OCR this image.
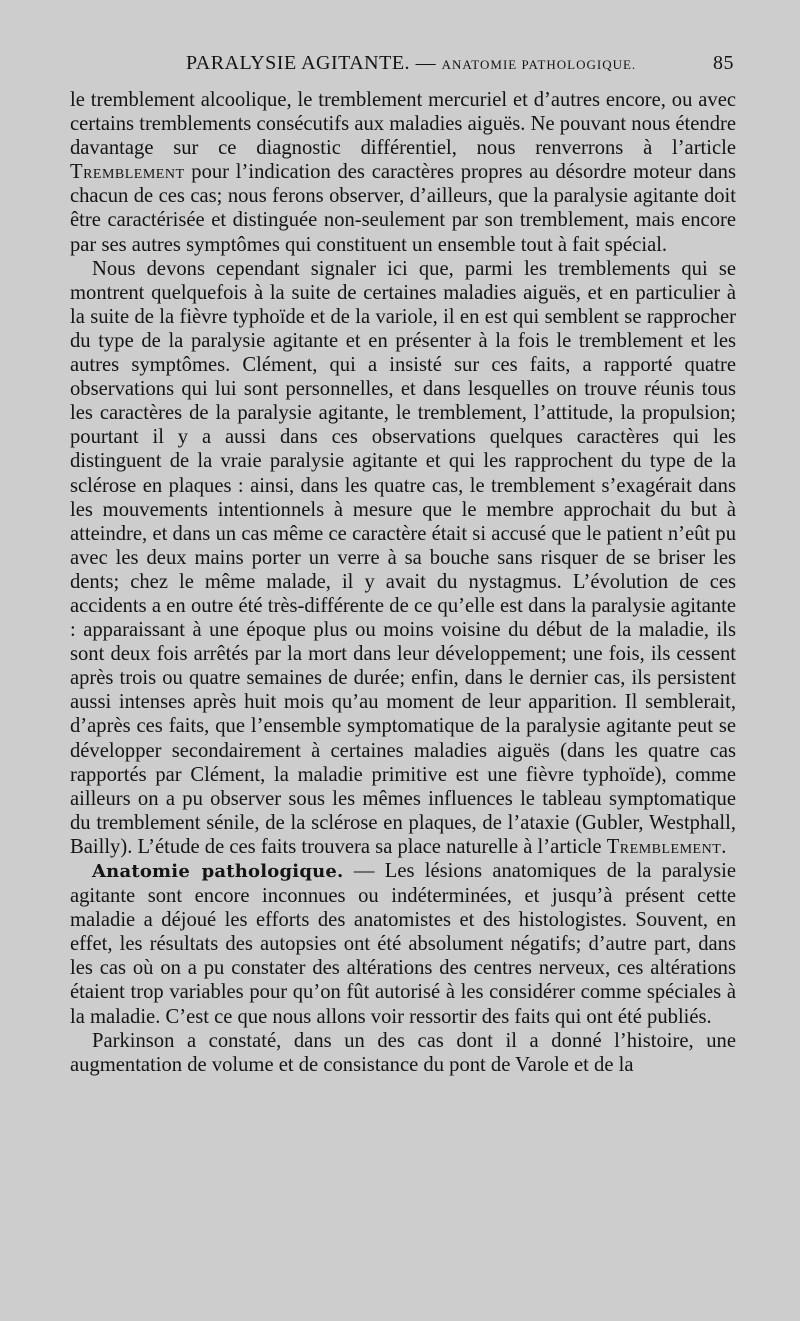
PARALYSIE AGITANTE. — ANATOMIE PATHOLOGIQUE.	85

le tremblement alcoolique, le tremblement mercuriel et d’autres encore, ou avec certains tremblements consécutifs aux maladies aiguës. Ne pouvant nous étendre davantage sur ce diagnostic différentiel, nous renverrons à l’article Tremblement pour l’indication des caractères propres au désordre moteur dans chacun de ces cas; nous ferons observer, d’ailleurs, que la paralysie agitante doit être caractérisée et distinguée non-seulement par son tremblement, mais encore par ses autres symptômes qui constituent un ensemble tout à fait spécial.

Nous devons cependant signaler ici que, parmi les tremblements qui se montrent quelquefois à la suite de certaines maladies aiguës, et en particulier à la suite de la fièvre typhoïde et de la variole, il en est qui semblent se rapprocher du type de la paralysie agitante et en présenter à la fois le tremblement et les autres symptômes. Clément, qui a insisté sur ces faits, a rapporté quatre observations qui lui sont personnelles, et dans lesquelles on trouve réunis tous les caractères de la paralysie agitante, le tremblement, l’attitude, la propulsion; pourtant il y a aussi dans ces observations quelques caractères qui les distinguent de la vraie paralysie agitante et qui les rapprochent du type de la sclérose en plaques : ainsi, dans les quatre cas, le tremblement s’exagérait dans les mouvements intentionnels à mesure que le membre approchait du but à atteindre, et dans un cas même ce caractère était si accusé que le patient n’eût pu avec les deux mains porter un verre à sa bouche sans risquer de se briser les dents; chez le même malade, il y avait du nystagmus. L’évolution de ces accidents a en outre été très-différente de ce qu’elle est dans la paralysie agitante : apparaissant à une époque plus ou moins voisine du début de la maladie, ils sont deux fois arrêtés par la mort dans leur développement; une fois, ils cessent après trois ou quatre semaines de durée; enfin, dans le dernier cas, ils persistent aussi intenses après huit mois qu’au moment de leur apparition. Il semblerait, d’après ces faits, que l’ensemble symptomatique de la paralysie agitante peut se développer secondairement à certaines maladies aiguës (dans les quatre cas rapportés par Clément, la maladie primitive est une fièvre typhoïde), comme ailleurs on a pu observer sous les mêmes influences le tableau symptomatique du tremblement sénile, de la sclérose en plaques, de l’ataxie (Gubler, Westphall, Bailly). L’étude de ces faits trouvera sa place naturelle à l’article Tremblement.

Anatomie pathologique. — Les lésions anatomiques de la paralysie agitante sont encore inconnues ou indéterminées, et jusqu’à présent cette maladie a déjoué les efforts des anatomistes et des histologistes. Souvent, en effet, les résultats des autopsies ont été absolument négatifs; d’autre part, dans les cas où on a pu constater des altérations des centres nerveux, ces altérations étaient trop variables pour qu’on fût autorisé à les considérer comme spéciales à la maladie. C’est ce que nous allons voir ressortir des faits qui ont été publiés.

Parkinson a constaté, dans un des cas dont il a donné l’histoire, une augmentation de volume et de consistance du pont de Varole et de la
